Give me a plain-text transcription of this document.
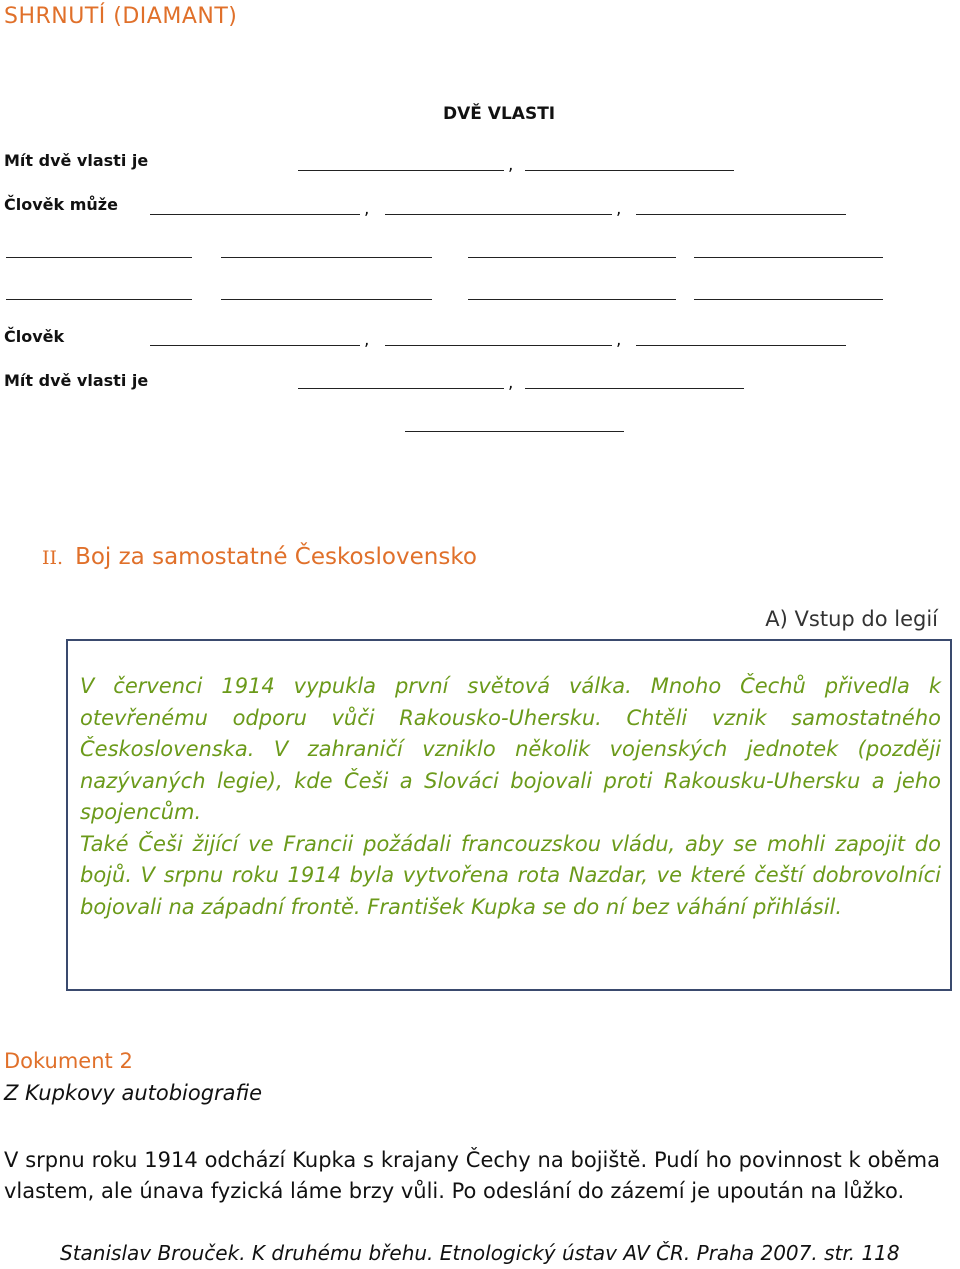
SHRNUTÍ (DIAMANT)
DVĚ VLASTI
Mít dvě vlasti je	,
Člověk může	,	,
Člověk	,	,
Mít dvě vlasti je	,
II. Boj za samostatné Československo
A) Vstup do legií

V červenci 1914 vypukla první světová válka. Mnoho Čechů přivedla k otevřenému odporu vůči Rakousko-Uhersku. Chtěli vznik samostatného Československa. V zahraničí vzniklo několik vojenských jednotek (později nazývaných legie), kde Češi a Slováci bojovali proti Rakousku-Uhersku a jeho spojencům.

Také Češi žijící ve Francii požádali francouzskou vládu, aby se mohli zapojit do bojů. V srpnu roku 1914 byla vytvořena rota Nazdar, ve které čeští dobrovolníci bojovali na západní frontě. František Kupka se do ní bez váhání přihlásil.

Dokument 2
Z Kupkovy autobiografie

V srpnu roku 1914 odchází Kupka s krajany Čechy na bojiště. Pudí ho povinnost k oběma vlastem, ale únava fyzická láme brzy vůli. Po odeslání do zázemí je upoután na lůžko.

Stanislav Brouček. K druhému břehu. Etnologický ústav AV ČR. Praha 2007. str. 118
